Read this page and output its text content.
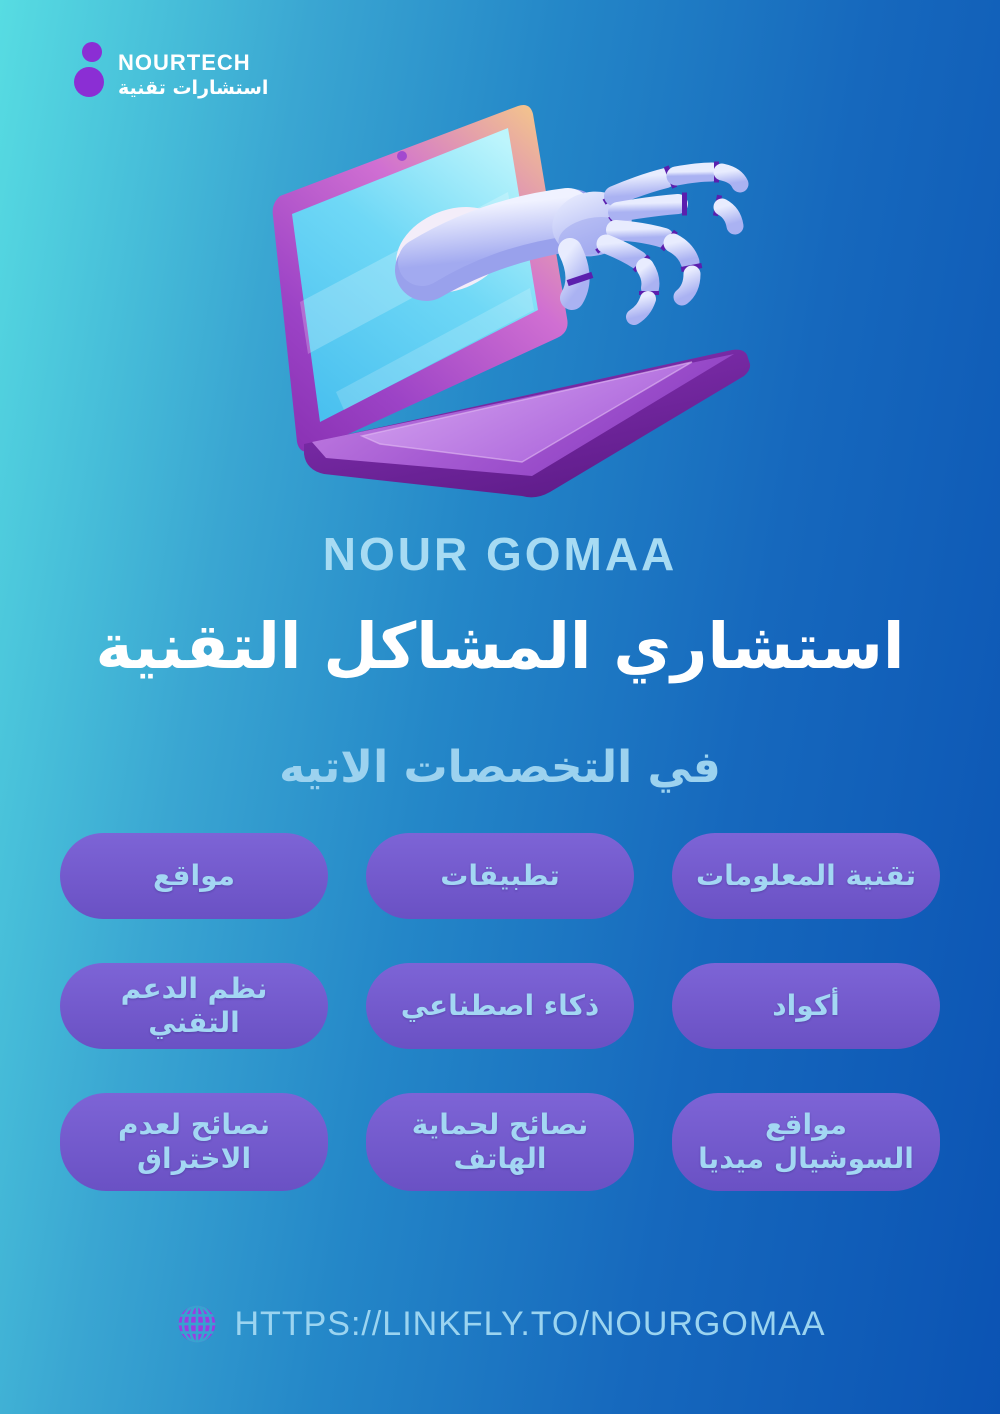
NOURTECH
استشارات تقنية
NOUR GOMAA
استشاري المشاكل التقنية
في التخصصات الاتيه
تقنية المعلومات
تطبيقات
مواقع
أكواد
ذكاء اصطناعي
نظم الدعم التقني
مواقع السوشيال ميديا
نصائح لحماية الهاتف
نصائح لعدم الاختراق
HTTPS://LINKFLY.TO/NOURGOMAA
